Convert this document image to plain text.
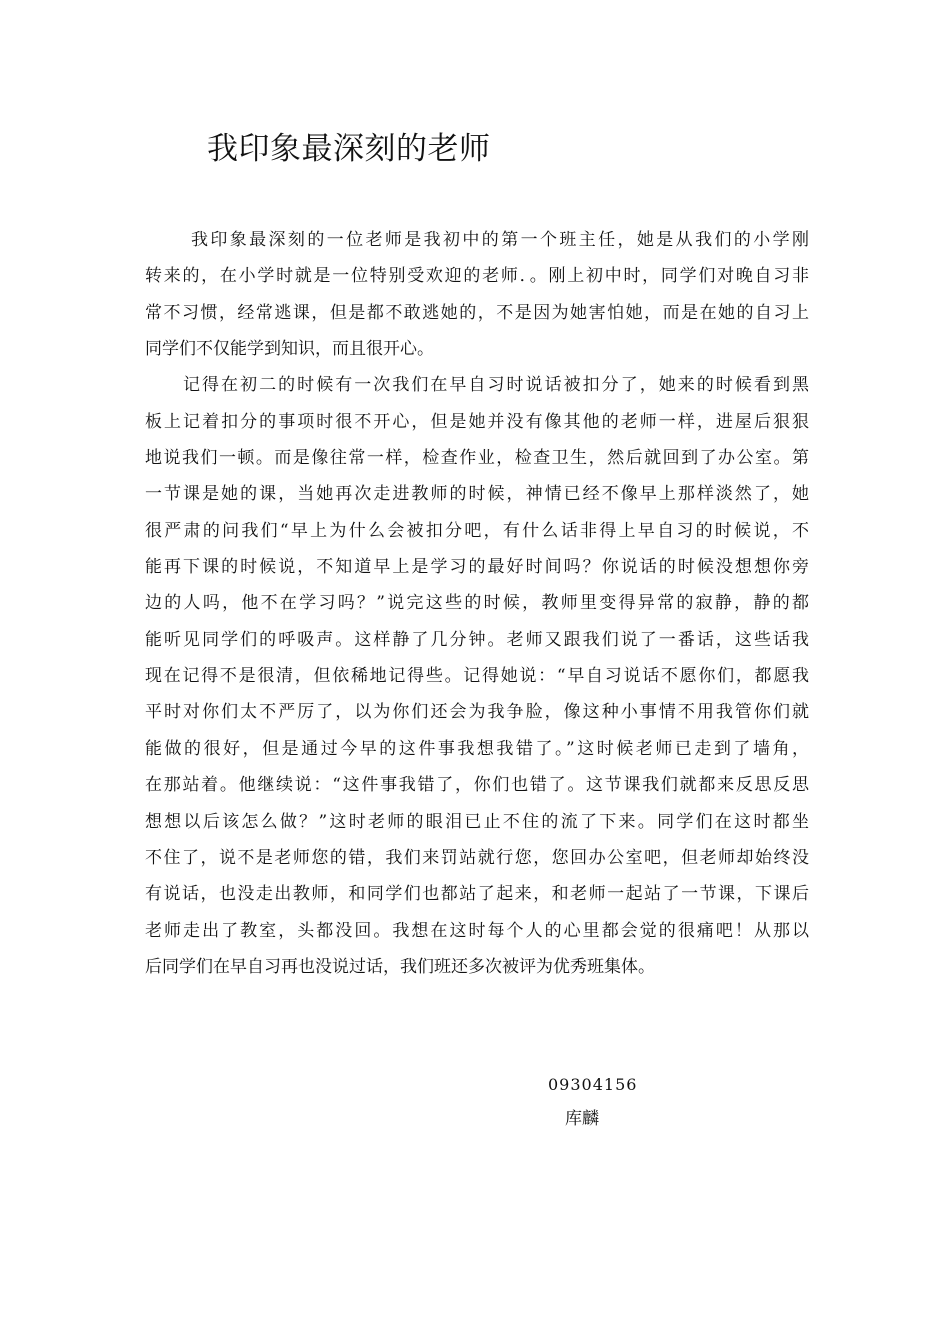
我印象最深刻的老师
我印象最深刻的一位老师是我初中的第一个班主任，她是从我们的小学刚
转来的，在小学时就是一位特别受欢迎的老师．。刚上初中时，同学们对晚自习非
常不习惯，经常逃课，但是都不敢逃她的，不是因为她害怕她，而是在她的自习上
同学们不仅能学到知识，而且很开心。
记得在初二的时候有一次我们在早自习时说话被扣分了，她来的时候看到黑
板上记着扣分的事项时很不开心，但是她并没有像其他的老师一样，进屋后狠狠
地说我们一顿。而是像往常一样，检查作业，检查卫生，然后就回到了办公室。第
一节课是她的课，当她再次走进教师的时候，神情已经不像早上那样淡然了，她
很严肃的问我们“早上为什么会被扣分吧，有什么话非得上早自习的时候说，不
能再下课的时候说，不知道早上是学习的最好时间吗？你说话的时候没想想你旁
边的人吗，他不在学习吗？”说完这些的时候，教师里变得异常的寂静，静的都
能听见同学们的呼吸声。这样静了几分钟。老师又跟我们说了一番话，这些话我
现在记得不是很清，但依稀地记得些。记得她说：“早自习说话不愿你们，都愿我
平时对你们太不严厉了，以为你们还会为我争脸，像这种小事情不用我管你们就
能做的很好，但是通过今早的这件事我想我错了。”这时候老师已走到了墙角，
在那站着。他继续说：“这件事我错了，你们也错了。这节课我们就都来反思反思
想想以后该怎么做？”这时老师的眼泪已止不住的流了下来。同学们在这时都坐
不住了，说不是老师您的错，我们来罚站就行您，您回办公室吧，但老师却始终没
有说话，也没走出教师，和同学们也都站了起来，和老师一起站了一节课，下课后
老师走出了教室，头都没回。我想在这时每个人的心里都会觉的很痛吧！从那以
后同学们在早自习再也没说过话，我们班还多次被评为优秀班集体。
09304156
库麟
